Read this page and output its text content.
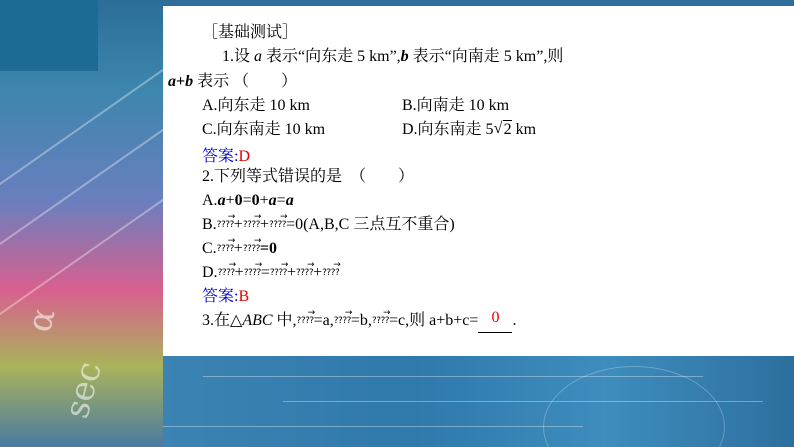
α
sec
［基础测试］
1.设 a 表示“向东走 5 km”,b 表示“向南走 5 km”,则
a+b 表示 （　　）
A.向东走 10 km	B.向南走 10 km
C.向东南走 10 km	D.向东南走 5√ 2 km
答案:D
2.下列等式错误的是　（　　）
A.a+0=0+a=a
B.→ ????+→ ????+→ ????=0(A,B,C 三点互不重合)
C.→ ????+→ ????=0
D.→ ????+→ ????=→ ????+→ ????+→ ????
答案:B
3.在△ABC 中,→ ????=a,→ ????=b,→ ????=c,则 a+b+c= 0 .
